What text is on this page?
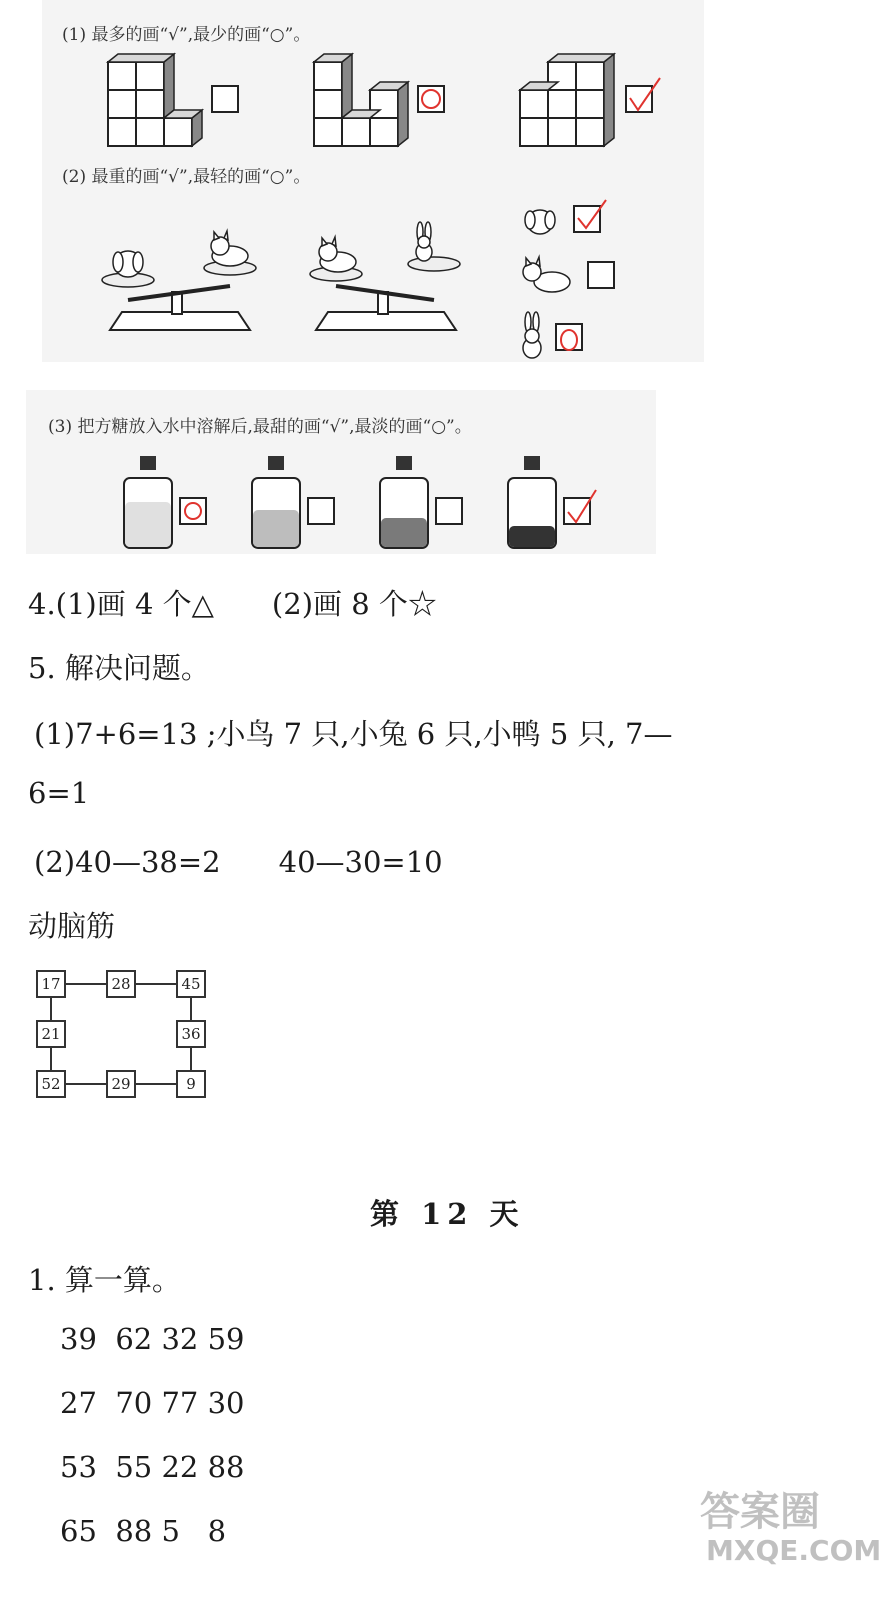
(1) 最多的画“√”,最少的画“○”。
(2) 最重的画“√”,最轻的画“○”。
(3) 把方糖放入水中溶解后,最甜的画“√”,最淡的画“○”。
4.(1)画 4 个△　　(2)画 8 个☆
5. 解决问题。
(1)7+6=13 ;小鸟 7 只,小兔 6 只,小鸭 5 只, 7—
6=1
(2)40—38=2　　40—30=10
动脑筋
17	28	45
21	36
52	29	9
第 12 天
1. 算一算。
39  62 32 59
27  70 77 30
53  55 22 88
65  88 5   8	答案圈
MXQE.COM
